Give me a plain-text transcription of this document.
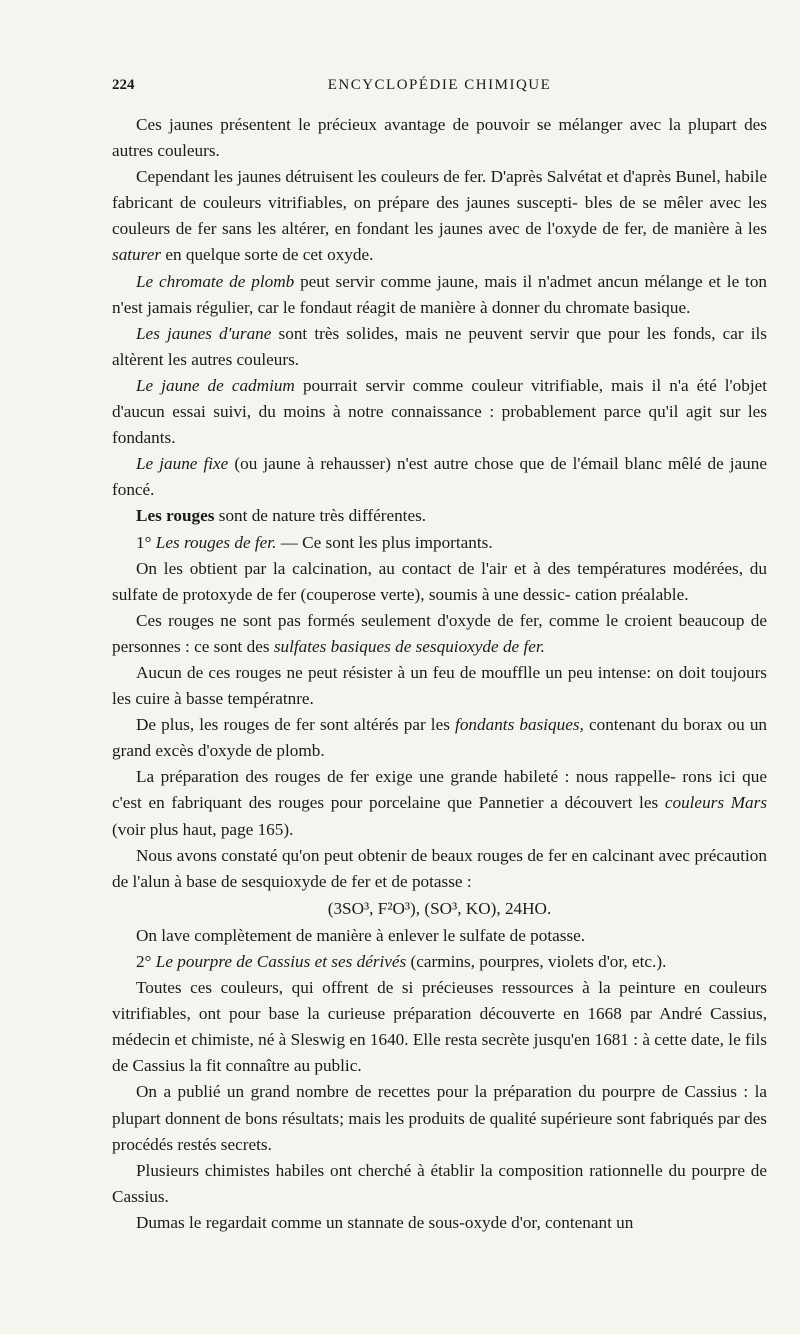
224	ENCYCLOPÉDIE CHIMIQUE

Ces jaunes présentent le précieux avantage de pouvoir se mélanger avec la plupart des autres couleurs.

Cependant les jaunes détruisent les couleurs de fer. D'après Salvétat et d'après Bunel, habile fabricant de couleurs vitrifiables, on prépare des jaunes suscepti- bles de se mêler avec les couleurs de fer sans les altérer, en fondant les jaunes avec de l'oxyde de fer, de manière à les saturer en quelque sorte de cet oxyde.

Le chromate de plomb peut servir comme jaune, mais il n'admet ancun mélange et le ton n'est jamais régulier, car le fondaut réagit de manière à donner du chromate basique.

Les jaunes d'urane sont très solides, mais ne peuvent servir que pour les fonds, car ils altèrent les autres couleurs.

Le jaune de cadmium pourrait servir comme couleur vitrifiable, mais il n'a été l'objet d'aucun essai suivi, du moins à notre connaissance : probablement parce qu'il agit sur les fondants.

Le jaune fixe (ou jaune à rehausser) n'est autre chose que de l'émail blanc mêlé de jaune foncé.

Les rouges sont de nature très différentes.

1° Les rouges de fer. — Ce sont les plus importants.

On les obtient par la calcination, au contact de l'air et à des températures modérées, du sulfate de protoxyde de fer (couperose verte), soumis à une dessic- cation préalable.

Ces rouges ne sont pas formés seulement d'oxyde de fer, comme le croient beaucoup de personnes : ce sont des sulfates basiques de sesquioxyde de fer.

Aucun de ces rouges ne peut résister à un feu de moufflle un peu intense: on doit toujours les cuire à basse températnre.

De plus, les rouges de fer sont altérés par les fondants basiques, contenant du borax ou un grand excès d'oxyde de plomb.

La préparation des rouges de fer exige une grande habileté : nous rappelle- rons ici que c'est en fabriquant des rouges pour porcelaine que Pannetier a découvert les couleurs Mars (voir plus haut, page 165).

Nous avons constaté qu'on peut obtenir de beaux rouges de fer en calcinant avec précaution de l'alun à base de sesquioxyde de fer et de potasse :

(3SO³, F²O³), (SO³, KO), 24HO.

On lave complètement de manière à enlever le sulfate de potasse.

2° Le pourpre de Cassius et ses dérivés (carmins, pourpres, violets d'or, etc.).

Toutes ces couleurs, qui offrent de si précieuses ressources à la peinture en couleurs vitrifiables, ont pour base la curieuse préparation découverte en 1668 par André Cassius, médecin et chimiste, né à Sleswig en 1640. Elle resta secrète jusqu'en 1681 : à cette date, le fils de Cassius la fit connaître au public.

On a publié un grand nombre de recettes pour la préparation du pourpre de Cassius : la plupart donnent de bons résultats; mais les produits de qualité supérieure sont fabriqués par des procédés restés secrets.

Plusieurs chimistes habiles ont cherché à établir la composition rationnelle du pourpre de Cassius.

Dumas le regardait comme un stannate de sous-oxyde d'or, contenant un
